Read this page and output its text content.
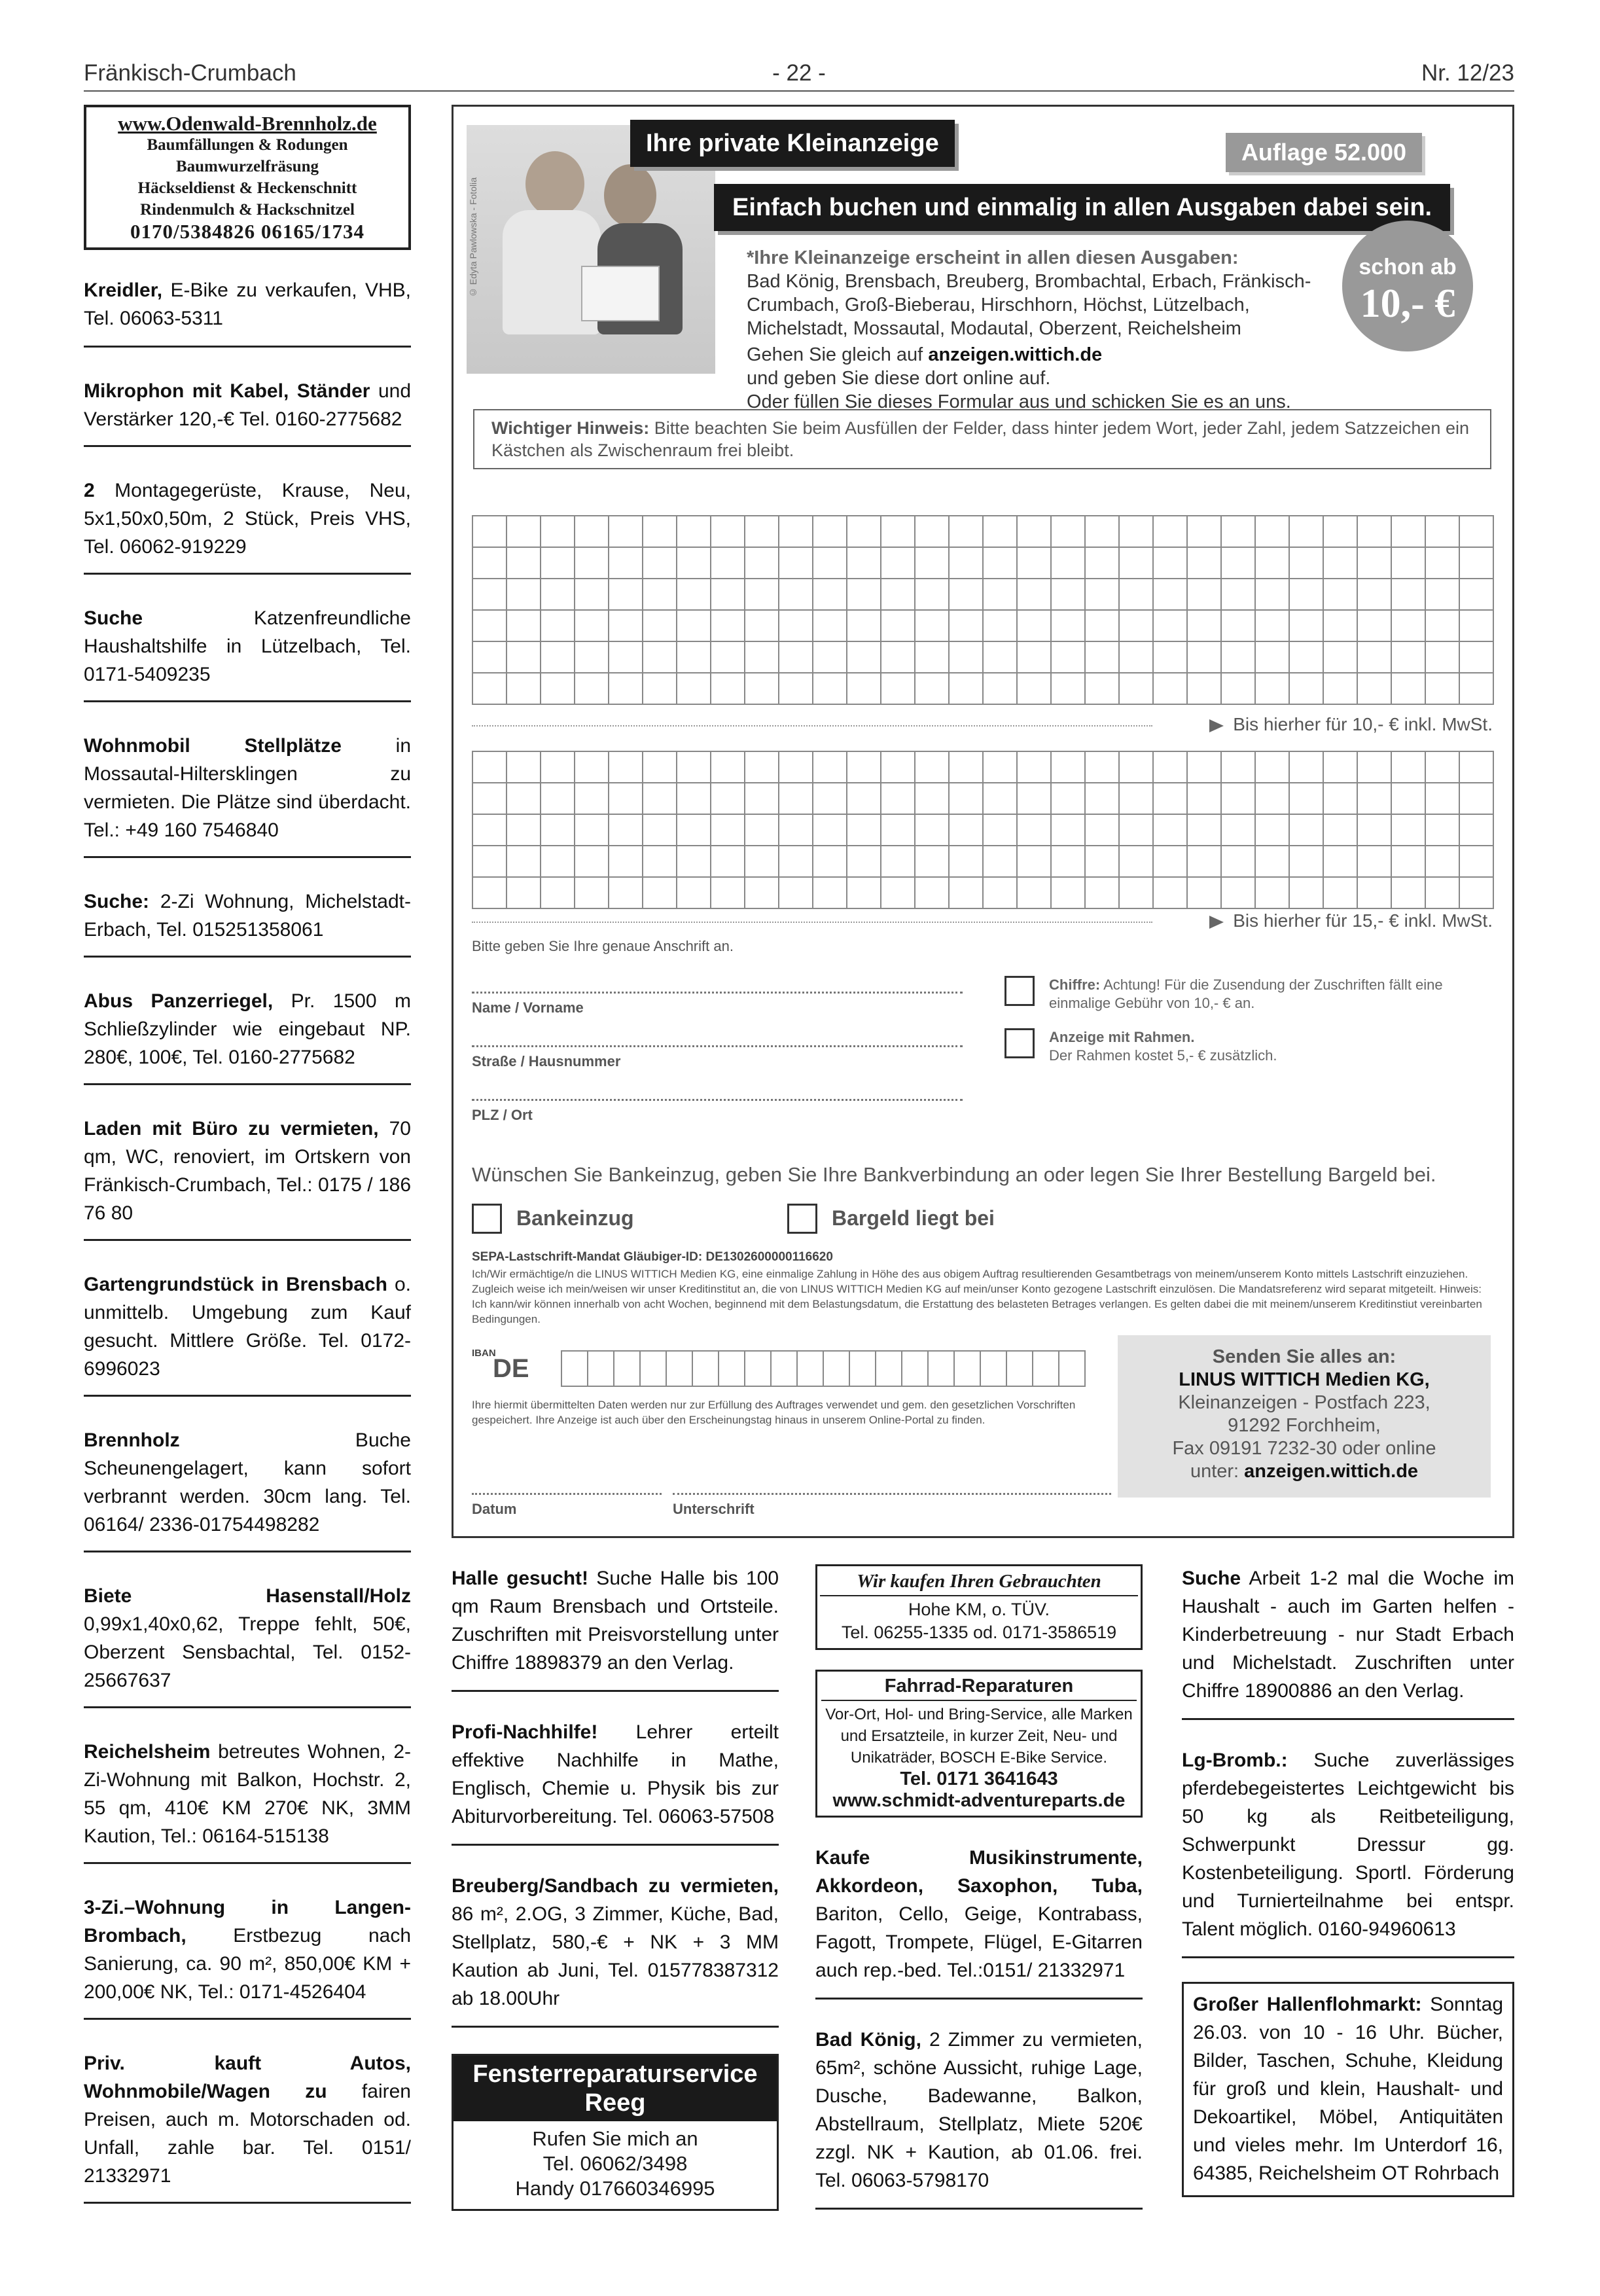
Fränkisch-Crumbach	- 22 -	Nr. 12/23
www.Odenwald-Brennholz.de
Baumfällungen & Rodungen
Baumwurzelfräsung
Häckseldienst & Heckenschnitt
Rindenmulch & Hackschnitzel
0170/5384826 06165/1734
Kreidler, E-Bike zu verkaufen, VHB, Tel. 06063-5311
Mikrophon mit Kabel, Ständer und Verstärker 120,-€ Tel. 0160-2775682
2 Montagegerüste, Krause, Neu, 5x1,50x0,50m, 2 Stück, Preis VHS, Tel. 06062-919229
Suche Katzenfreundliche Haushaltshilfe in Lützelbach, Tel. 0171-5409235
Wohnmobil Stellplätze in Mossautal-Hiltersklingen zu vermieten. Die Plätze sind überdacht. Tel.: +49 160 7546840
Suche: 2-Zi Wohnung, Michelstadt-Erbach, Tel. 015251358061
Abus Panzerriegel, Pr. 1500 m Schließzylinder wie eingebaut NP. 280€, 100€, Tel. 0160-2775682
Laden mit Büro zu vermieten, 70 qm, WC, renoviert, im Ortskern von Fränkisch-Crumbach, Tel.: 0175 / 186 76 80
Gartengrundstück in Brensbach o. unmittelb. Umgebung zum Kauf gesucht. Mittlere Größe. Tel. 0172-6996023
Brennholz Buche Scheunengelagert, kann sofort verbrannt werden. 30cm lang. Tel. 06164/ 2336-01754498282
Biete Hasenstall/Holz 0,99x1,40x0,62, Treppe fehlt, 50€, Oberzent Sensbachtal, Tel. 0152-25667637
Reichelsheim betreutes Wohnen, 2-Zi-Wohnung mit Balkon, Hochstr. 2, 55 qm, 410€ KM 270€ NK, 3MM Kaution, Tel.: 06164-515138
3-Zi.–Wohnung in Langen-Brombach, Erstbezug nach Sanierung, ca. 90 m², 850,00€ KM + 200,00€ NK, Tel.: 0171-4526404
Priv. kauft Autos, Wohnmobile/Wagen zu fairen Preisen, auch m. Motorschaden od. Unfall, zahle bar. Tel. 0151/ 21332971
© Edyta Pawlowska - Fotolia
Ihre private Kleinanzeige	Auflage 52.000
Einfach buchen und einmalig in allen Ausgaben dabei sein.
*Ihre Kleinanzeige erscheint in allen diesen Ausgaben:
Bad König, Brensbach, Breuberg, Brombachtal, Erbach, Fränkisch-Crumbach, Groß-Bieberau, Hirschhorn, Höchst, Lützelbach, Michelstadt, Mossautal, Modautal, Oberzent, Reichelsheim
Gehen Sie gleich auf anzeigen.wittich.de
und geben Sie diese dort online auf.
Oder füllen Sie dieses Formular aus und schicken Sie es an uns.
schon ab
10,- €
Wichtiger Hinweis: Bitte beachten Sie beim Ausfüllen der Felder, dass hinter jedem Wort, jeder Zahl, jedem Satzzeichen ein Kästchen als Zwischenraum frei bleibt.
Bis hierher für 10,- € inkl. MwSt.
Bis hierher für 15,- € inkl. MwSt.
Bitte geben Sie Ihre genaue Anschrift an.
Name / Vorname
Straße / Hausnummer
PLZ / Ort
Chiffre: Achtung! Für die Zusendung der Zuschriften fällt eine einmalige Gebühr von 10,- € an.
Anzeige mit Rahmen.
Der Rahmen kostet 5,- € zusätzlich.
Wünschen Sie Bankeinzug, geben Sie Ihre Bankverbindung an oder legen Sie Ihrer Bestellung Bargeld bei.
Bankeinzug	Bargeld liegt bei
SEPA-Lastschrift-Mandat Gläubiger-ID: DE1302600000116620
Ich/Wir ermächtige/n die LINUS WITTICH Medien KG, eine einmalige Zahlung in Höhe des aus obigem Auftrag resultierenden Gesamtbetrags von meinem/unserem Konto mittels Lastschrift einzuziehen. Zugleich weise ich mein/weisen wir unser Kreditinstitut an, die von LINUS WITTICH Medien KG auf mein/unser Konto gezogene Lastschrift einzulösen. Die Mandatsreferenz wird separat mitgeteilt. Hinweis: Ich kann/wir können innerhalb von acht Wochen, beginnend mit dem Belastungsdatum, die Erstattung des belasteten Betrages verlangen. Es gelten dabei die mit meinem/unserem Kreditinstiut vereinbarten Bedingungen.
IBAN
DE
Ihre hiermit übermittelten Daten werden nur zur Erfüllung des Auftrages verwendet und gem. den gesetzlichen Vorschriften gespeichert. Ihre Anzeige ist auch über den Erscheinungstag hinaus in unserem Online-Portal zu finden.
Datum	Unterschrift
Senden Sie alles an:
LINUS WITTICH Medien KG,
Kleinanzeigen - Postfach 223,
91292 Forchheim,
Fax 09191 7232-30 oder online
unter: anzeigen.wittich.de
Halle gesucht! Suche Halle bis 100 qm Raum Brensbach und Ortsteile. Zuschriften mit Preisvorstellung unter Chiffre 18898379 an den Verlag.
Profi-Nachhilfe! Lehrer erteilt effektive Nachhilfe in Mathe, Englisch, Chemie u. Physik bis zur Abiturvorbereitung. Tel. 06063-57508
Breuberg/Sandbach zu vermieten, 86 m², 2.OG, 3 Zimmer, Küche, Bad, Stellplatz, 580,-€ + NK + 3 MM Kaution ab Juni, Tel. 015778387312 ab 18.00Uhr
Fensterreparaturservice
Reeg
Rufen Sie mich an
Tel. 06062/3498
Handy 017660346995
Wir kaufen Ihren Gebrauchten
Hohe KM, o. TÜV.
Tel. 06255-1335 od. 0171-3586519
Fahrrad-Reparaturen
Vor-Ort, Hol- und Bring-Service, alle Marken und Ersatzteile, in kurzer Zeit, Neu- und Unikaträder, BOSCH E-Bike Service.
Tel. 0171 3641643
www.schmidt-adventureparts.de
Kaufe Musikinstrumente, Akkordeon, Saxophon, Tuba, Bariton, Cello, Geige, Kontrabass, Fagott, Trompete, Flügel, E-Gitarren auch rep.-bed. Tel.:0151/ 21332971
Bad König, 2 Zimmer zu vermieten, 65m², schöne Aussicht, ruhige Lage, Dusche, Badewanne, Balkon, Abstellraum, Stellplatz, Miete 520€ zzgl. NK + Kaution, ab 01.06. frei. Tel. 06063-5798170
Suche Arbeit 1-2 mal die Woche im Haushalt - auch im Garten helfen - Kinderbetreuung - nur Stadt Erbach und Michelstadt. Zuschriften unter Chiffre 18900886 an den Verlag.
Lg-Bromb.: Suche zuverlässiges pferdebegeistertes Leichtgewicht bis 50 kg als Reitbeteiligung, Schwerpunkt Dressur gg. Kostenbeteiligung. Sportl. Förderung und Turnierteilnahme bei entspr. Talent möglich. 0160-94960613
Großer Hallenflohmarkt: Sonntag 26.03. von 10 - 16 Uhr. Bücher, Bilder, Taschen, Schuhe, Kleidung für groß und klein, Haushalt- und Dekoartikel, Möbel, Antiquitäten und vieles mehr. Im Unterdorf 16, 64385, Reichelsheim OT Rohrbach
